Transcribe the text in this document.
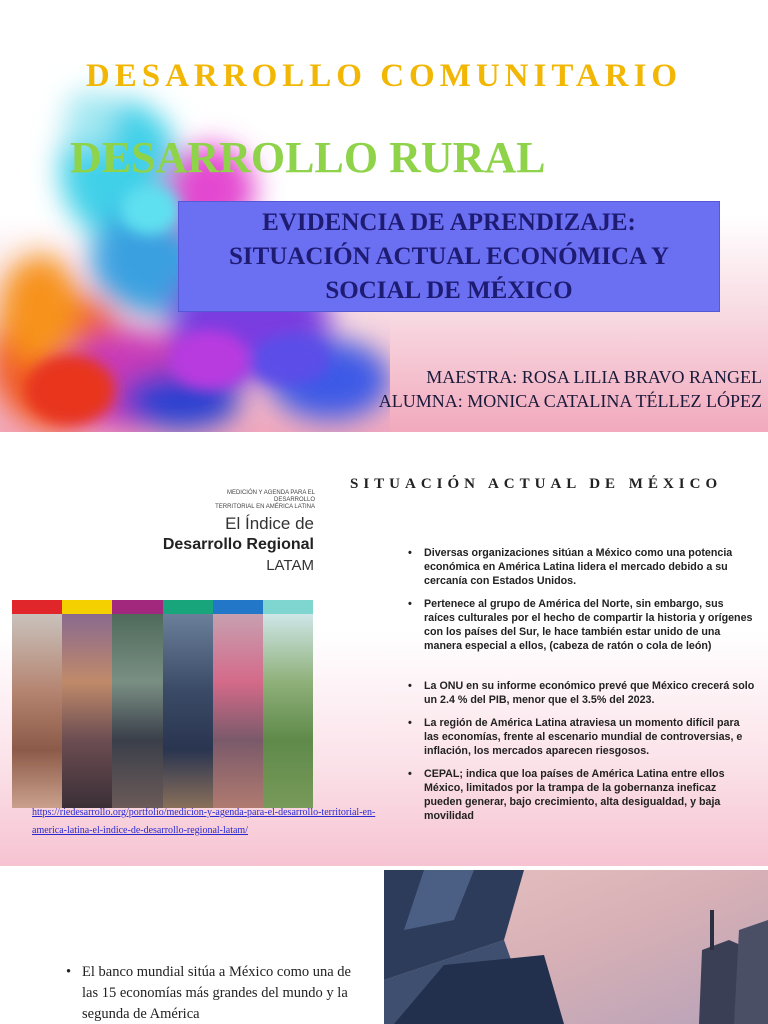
DESARROLLO COMUNITARIO
DESARROLLO RURAL
EVIDENCIA DE APRENDIZAJE:
SITUACIÓN ACTUAL ECONÓMICA Y
SOCIAL DE MÉXICO
MAESTRA: ROSA LILIA BRAVO RANGEL
ALUMNA: MONICA CATALINA TÉLLEZ LÓPEZ
SITUACIÓN ACTUAL DE MÉXICO
MEDICIÓN Y AGENDA PARA EL DESARROLLO
TERRITORIAL EN AMÉRICA LATINA
El Índice de
Desarrollo Regional
LATAM
https://riedesarrollo.org/portfolio/medicion-y-agenda-para-el-desarrollo-territorial-en-america-latina-el-indice-de-desarrollo-regional-latam/
• Diversas organizaciones sitúan a México como una potencia económica en América Latina lidera el mercado debido a su cercanía con Estados Unidos.
• Pertenece al grupo de América del Norte, sin embargo, sus raíces culturales por el hecho de compartir la historia y orígenes con los países del Sur, le hace también estar unido de una manera especial a ellos, (cabeza de ratón o cola de león)
• La ONU en su informe económico prevé que México crecerá solo un 2.4 % del PIB, menor que el 3.5% del 2023.
• La región de América Latina atraviesa un momento difícil para las economías, frente al escenario mundial de controversias, e inflación, los mercados aparecen riesgosos.
• CEPAL; indica que loa países de América Latina entre ellos México, limitados por la trampa de la gobernanza ineficaz pueden generar, bajo crecimiento, alta desigualdad, y baja movilidad
• El banco mundial sitúa a México como una de las 15 economías más grandes del mundo y la segunda de América
